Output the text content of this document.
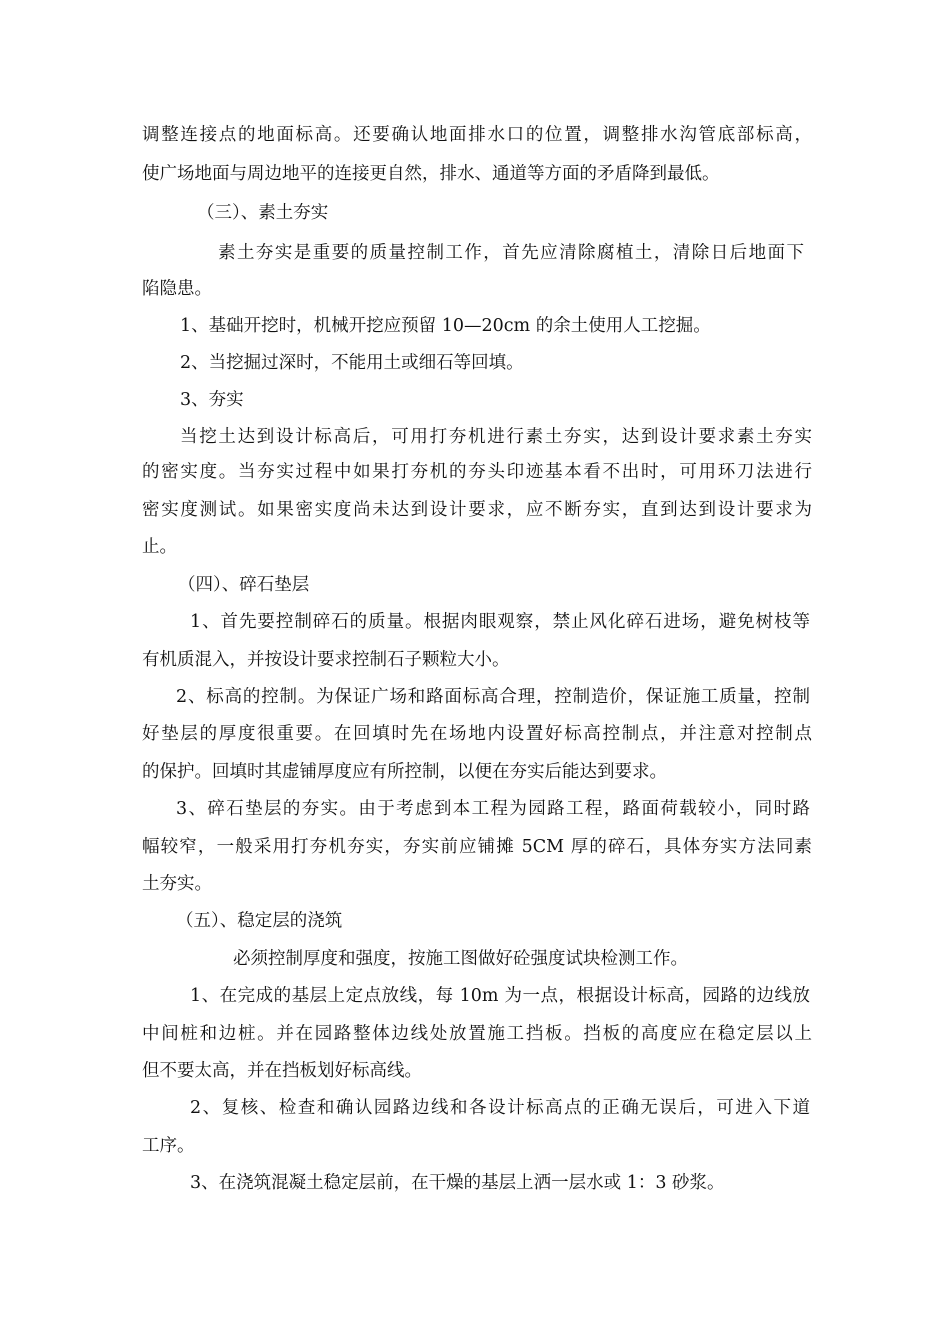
调整连接点的地面标高。还要确认地面排水口的位置，调整排水沟管底部标高，
使广场地面与周边地平的连接更自然，排水、通道等方面的矛盾降到最低。
（三）、素土夯实
素土夯实是重要的质量控制工作，首先应清除腐植土，清除日后地面下
陷隐患。
1、基础开挖时，机械开挖应预留 10—20cm 的余土使用人工挖掘。
2、当挖掘过深时，不能用土或细石等回填。
3、夯实
当挖土达到设计标高后，可用打夯机进行素土夯实，达到设计要求素土夯实
的密实度。当夯实过程中如果打夯机的夯头印迹基本看不出时，可用环刀法进行
密实度测试。如果密实度尚未达到设计要求，应不断夯实，直到达到设计要求为
止。
（四）、碎石垫层
1、首先要控制碎石的质量。根据肉眼观察，禁止风化碎石进场，避免树枝等
有机质混入，并按设计要求控制石子颗粒大小。
2、标高的控制。为保证广场和路面标高合理，控制造价，保证施工质量，控制
好垫层的厚度很重要。在回填时先在场地内设置好标高控制点，并注意对控制点
的保护。回填时其虚铺厚度应有所控制，以便在夯实后能达到要求。
3、碎石垫层的夯实。由于考虑到本工程为园路工程，路面荷载较小，同时路
幅较窄，一般采用打夯机夯实，夯实前应铺摊 5CM 厚的碎石，具体夯实方法同素
土夯实。
（五）、稳定层的浇筑
必须控制厚度和强度，按施工图做好砼强度试块检测工作。
1、在完成的基层上定点放线，每 10m 为一点，根据设计标高，园路的边线放
中间桩和边桩。并在园路整体边线处放置施工挡板。挡板的高度应在稳定层以上
但不要太高，并在挡板划好标高线。
2、复核、检查和确认园路边线和各设计标高点的正确无误后，可进入下道
工序。
3、在浇筑混凝土稳定层前，在干燥的基层上洒一层水或 1：3 砂浆。
